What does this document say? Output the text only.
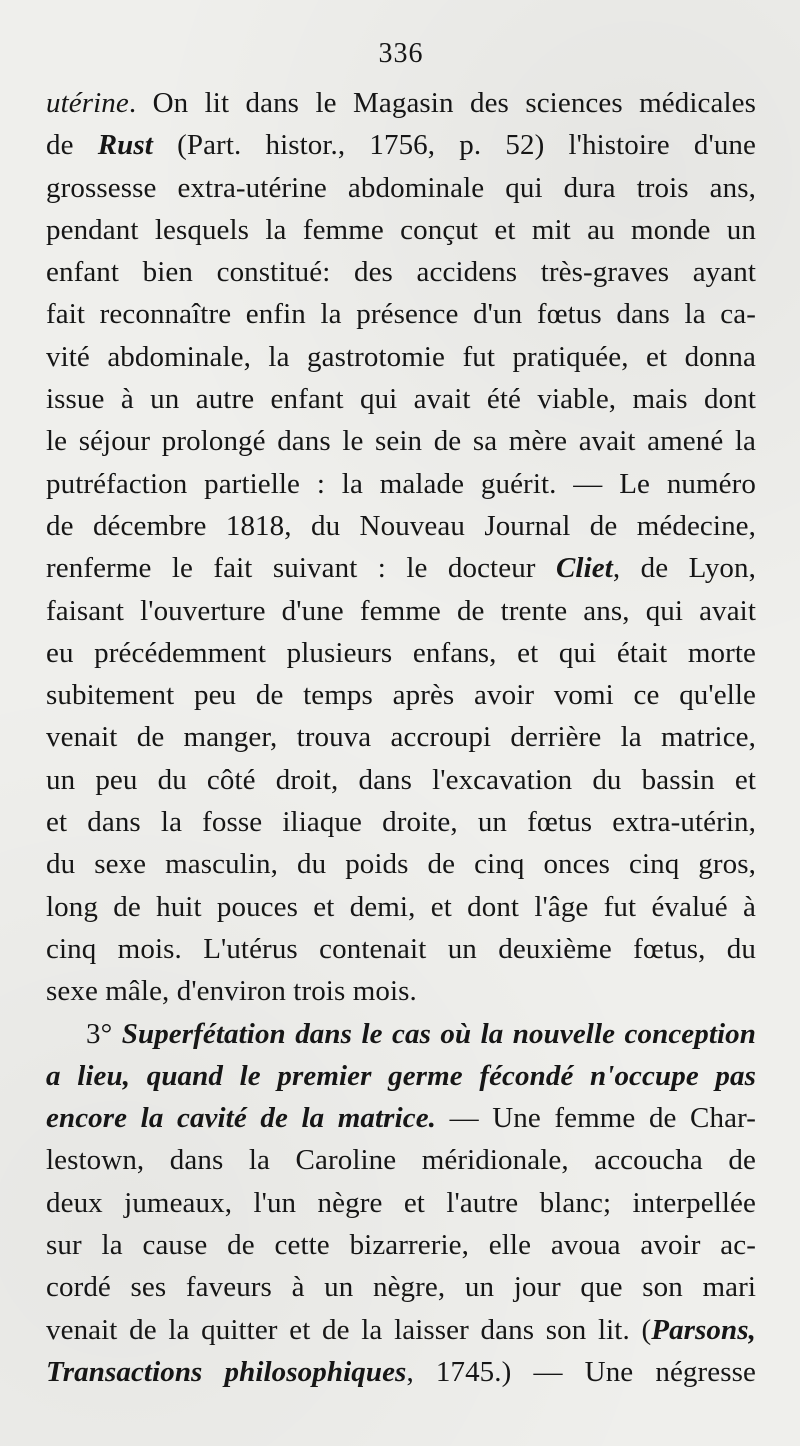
336
utérine. On lit dans le Magasin des sciences médicales
de Rust (Part. histor., 1756, p. 52) l'histoire d'une
grossesse extra-utérine abdominale qui dura trois ans,
pendant lesquels la femme conçut et mit au monde un
enfant bien constitué: des accidens très-graves ayant
fait reconnaître enfin la présence d'un fœtus dans la ca-
vité abdominale, la gastrotomie fut pratiquée, et donna
issue à un autre enfant qui avait été viable, mais dont
le séjour prolongé dans le sein de sa mère avait amené la
putréfaction partielle : la malade guérit. — Le numéro
de décembre 1818, du Nouveau Journal de médecine,
renferme le fait suivant : le docteur Cliet, de Lyon,
faisant l'ouverture d'une femme de trente ans, qui avait
eu précédemment plusieurs enfans, et qui était morte
subitement peu de temps après avoir vomi ce qu'elle
venait de manger, trouva accroupi derrière la matrice,
un peu du côté droit, dans l'excavation du bassin et
et dans la fosse iliaque droite, un fœtus extra-utérin,
du sexe masculin, du poids de cinq onces cinq gros,
long de huit pouces et demi, et dont l'âge fut évalué à
cinq mois. L'utérus contenait un deuxième fœtus, du
sexe mâle, d'environ trois mois.
3° Superfétation dans le cas où la nouvelle conception
a lieu, quand le premier germe fécondé n'occupe pas
encore la cavité de la matrice. — Une femme de Char-
lestown, dans la Caroline méridionale, accoucha de
deux jumeaux, l'un nègre et l'autre blanc; interpellée
sur la cause de cette bizarrerie, elle avoua avoir ac-
cordé ses faveurs à un nègre, un jour que son mari
venait de la quitter et de la laisser dans son lit. (Parsons,
Transactions philosophiques, 1745.) — Une négresse
